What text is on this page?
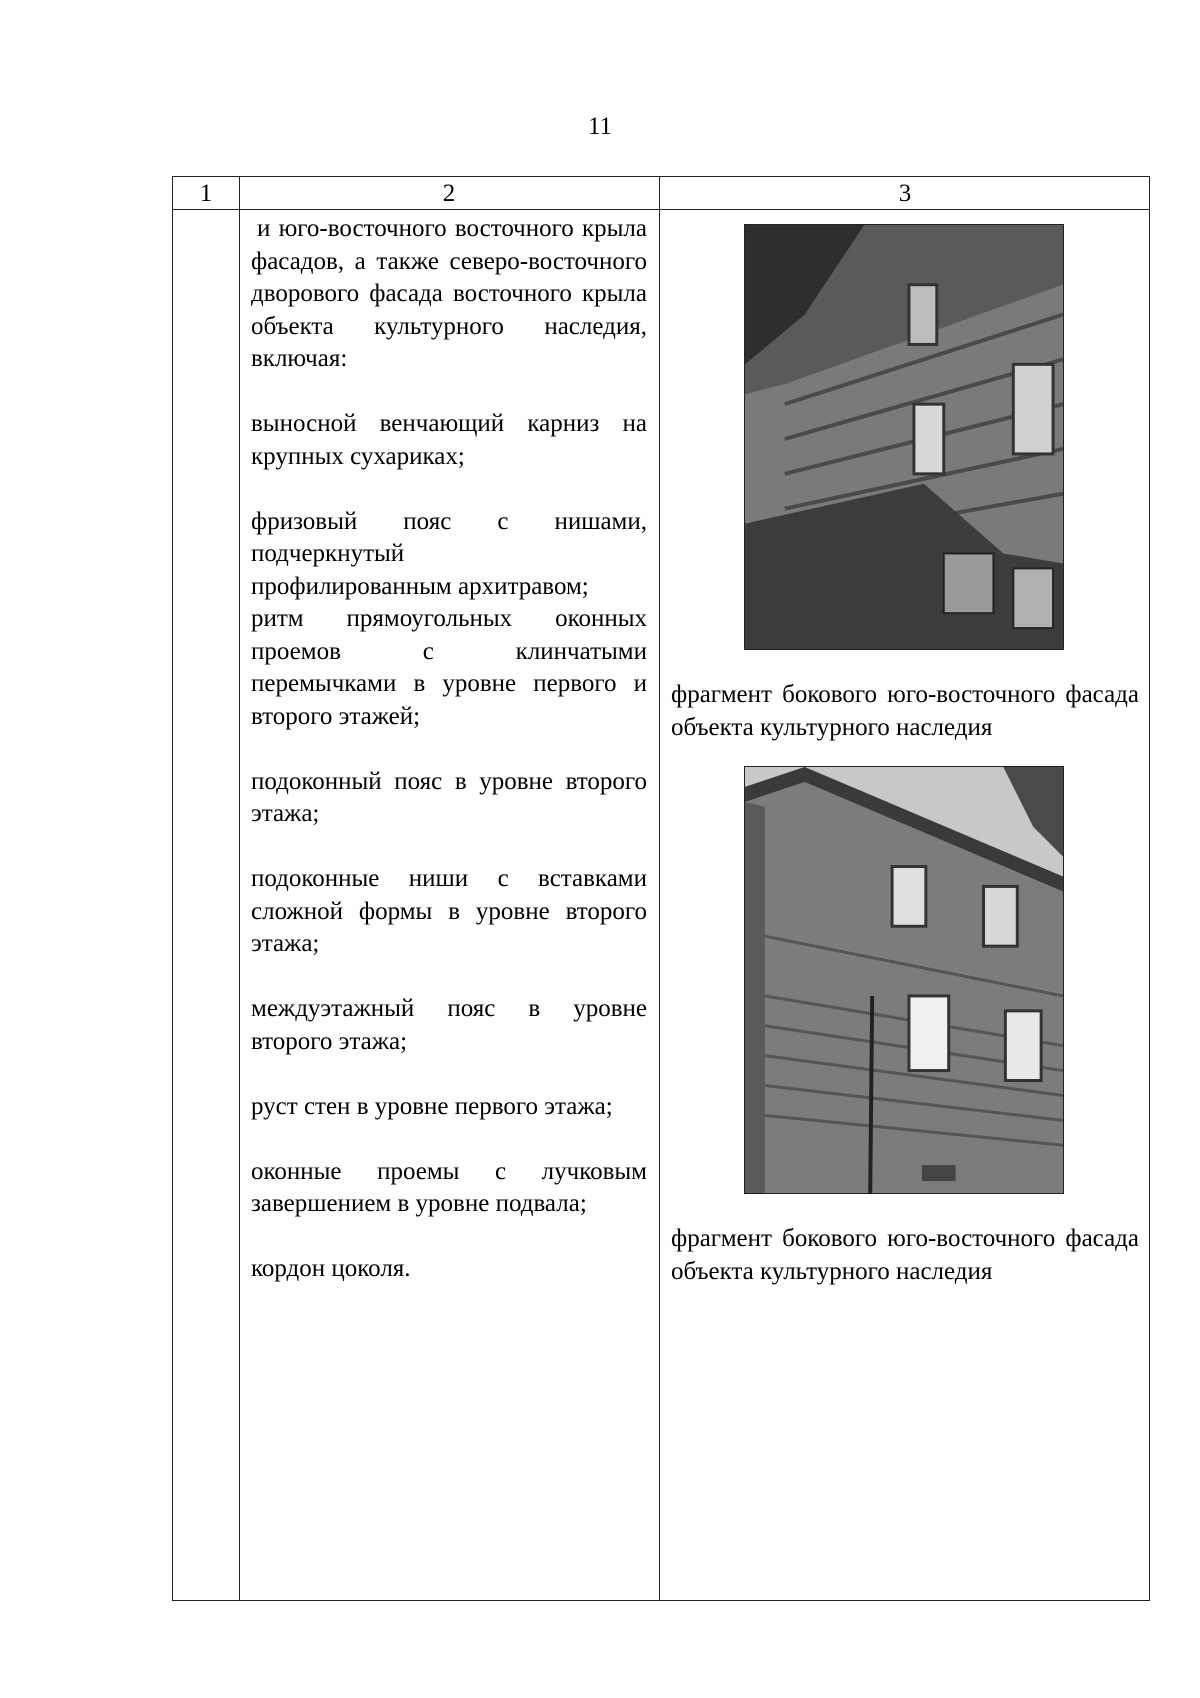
11
1	2	3

и юго-восточного восточного крыла фасадов, а также северо-восточного дворового фасада восточного крыла объекта культурного наследия, включая:

выносной венчающий карниз на крупных сухариках;

фризовый пояс с нишами, подчеркнутый

профилированным архитравом;

ритм прямоугольных оконных проемов с клинчатыми перемычками в уровне первого и второго этажей;

подоконный пояс в уровне второго этажа;

подоконные ниши с вставками сложной формы в уровне второго этажа;

междуэтажный пояс в уровне второго этажа;

руст стен в уровне первого этажа;

оконные проемы с лучковым завершением в уровне подвала;

кордон цоколя.

фрагмент бокового юго-восточного фасада объекта культурного наследия
фрагмент бокового юго-восточного фасада объекта культурного наследия
